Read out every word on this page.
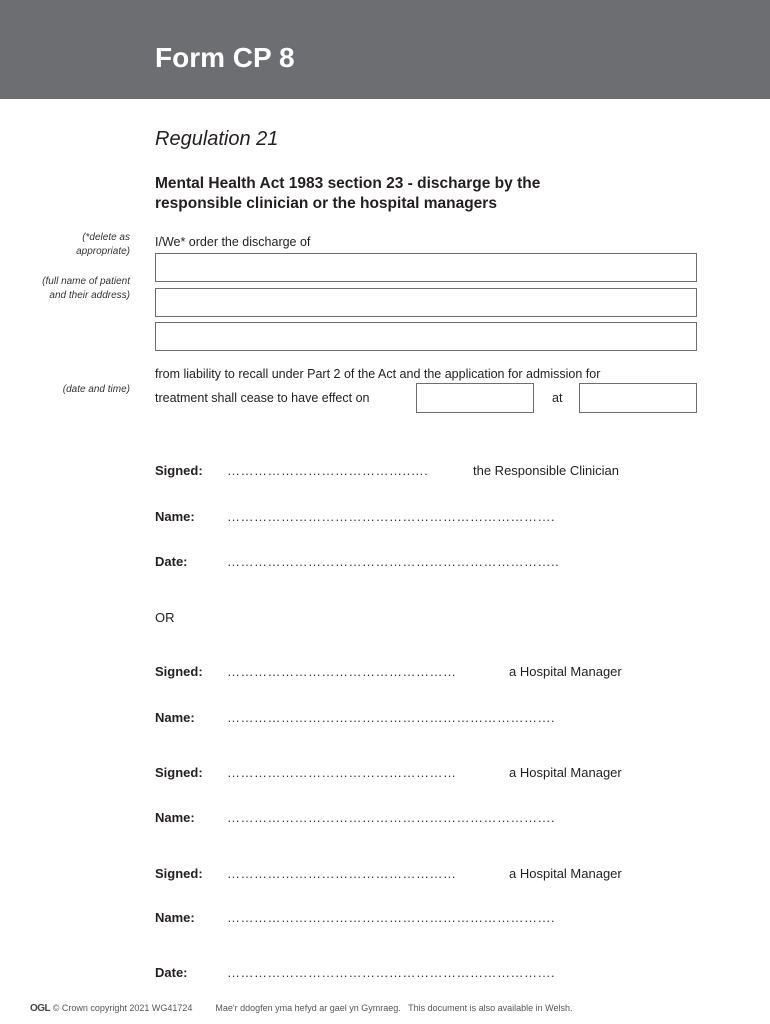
Form CP 8
Regulation 21
Mental Health Act 1983 section 23 - discharge by the
responsible clinician or the hospital managers
(*delete as
appropriate)
(full name of patient
and their address)
(date and time)
I/We* order the discharge of
from liability to recall under Part 2 of the Act and the application for admission for
treatment shall cease to have effect on	at
Signed: …………………………………..….	the Responsible Clinician
Name: ……………………………………………………………….
Date:	………………………………………………………………..
OR
Signed: ……………………………………………	a Hospital Manager
Name: ……………………………………………………………….
Signed: ……………………………………………	a Hospital Manager
Name: ……………………………………………………………….
Signed: ……………………………………………	a Hospital Manager
Name: ……………………………………………………………….
Date:	……………………………………………………………….
OGL © Crown copyright 2021 WG41724	Mae'r ddogfen yma hefyd ar gael yn Gymraeg. This document is also available in Welsh.
